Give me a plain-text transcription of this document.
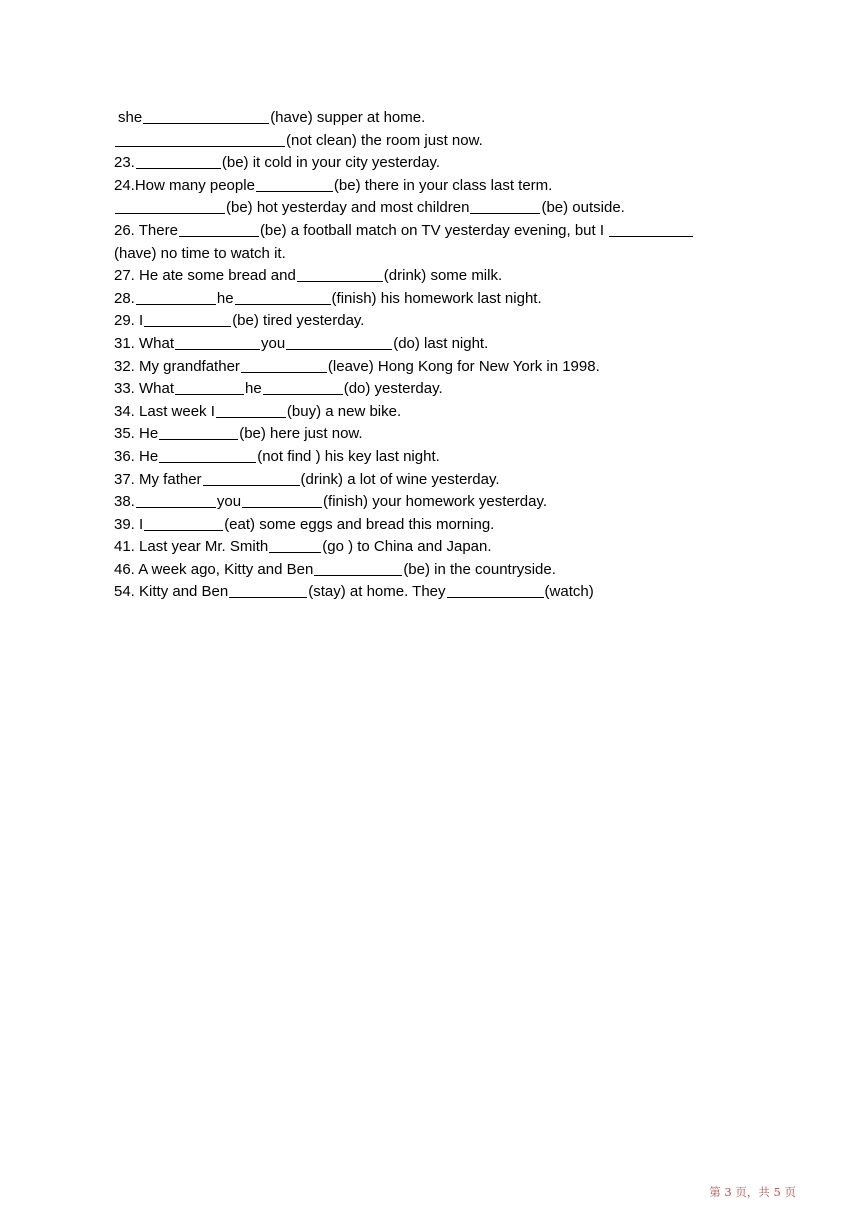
she	(have) supper at home.
(not clean) the room just now.
23.	(be) it cold in your city yesterday.
24.How many people	(be) there in your class last term.
(be) hot yesterday and most children	(be) outside.
26. There	(be) a football match on TV yesterday evening, but I
(have) no time to watch it.
27. He ate some bread and	(drink) some milk.
28.	he	(finish) his homework last night.
29. I	(be) tired yesterday.
31. What	you	(do) last night.
32. My grandfather	(leave) Hong Kong for New York in 1998.
33. What	he	(do) yesterday.
34. Last week I	(buy) a new bike.
35. He	(be) here just now.
36. He	(not find ) his key last night.
37. My father	(drink) a lot of wine yesterday.
38.	you	(finish) your homework yesterday.
39. I	(eat) some eggs and bread this morning.
41. Last year Mr. Smith	(go ) to China and Japan.
46. A week ago, Kitty and Ben	(be) in the countryside.
54. Kitty and Ben	(stay) at home. They	(watch)
第 3 页，共 5 页
